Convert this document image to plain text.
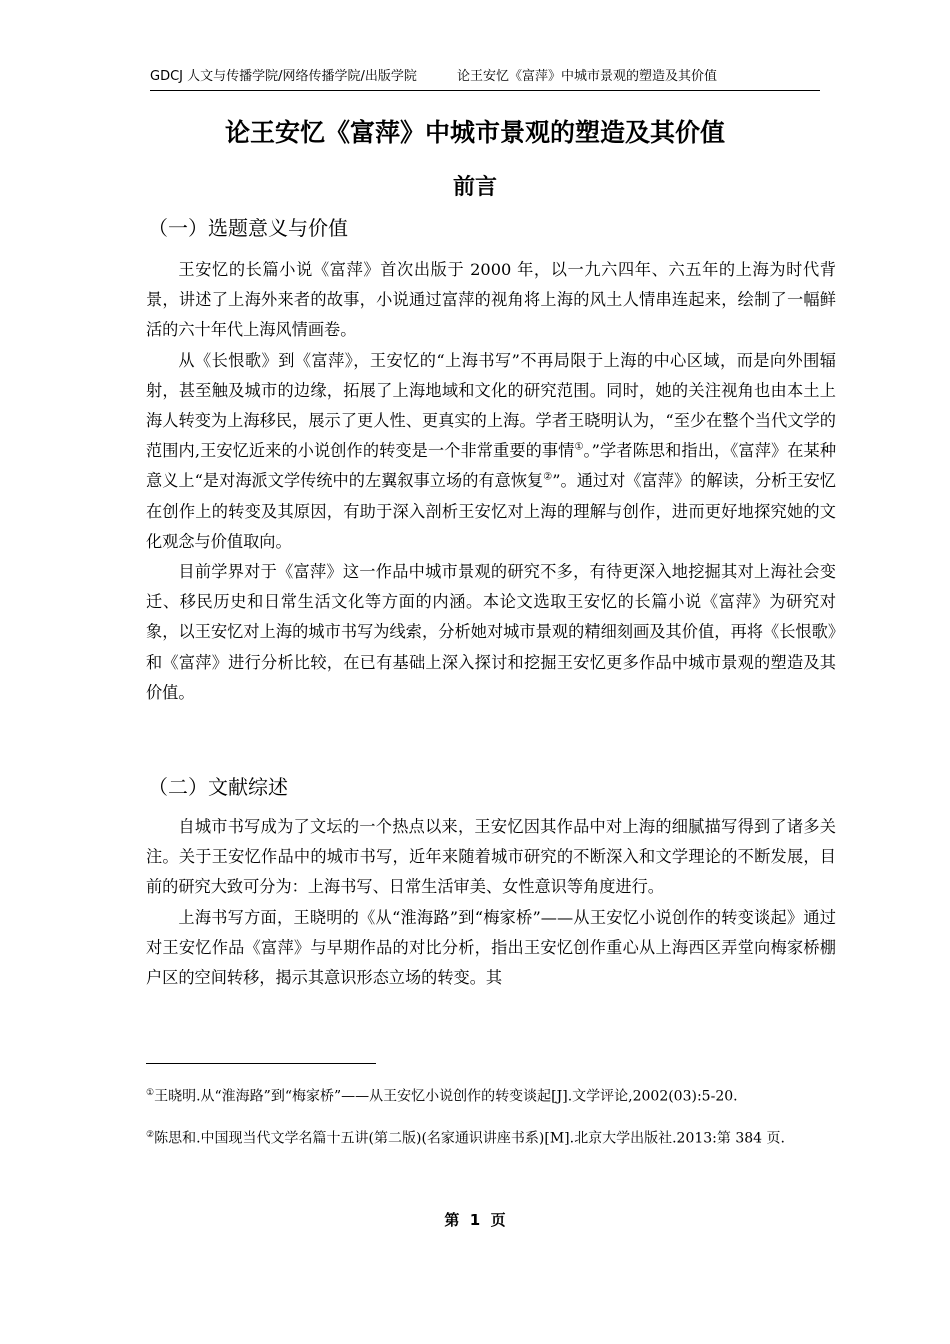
GDCJ 人文与传播学院/网络传播学院/出版学院	论王安忆《富萍》中城市景观的塑造及其价值
论王安忆《富萍》中城市景观的塑造及其价值
前言
（一）选题意义与价值

王安忆的长篇小说《富萍》首次出版于 2000 年，以一九六四年、六五年的上海为时代背景，讲述了上海外来者的故事，小说通过富萍的视角将上海的风土人情串连起来，绘制了一幅鲜活的六十年代上海风情画卷。

从《长恨歌》到《富萍》，王安忆的“上海书写”不再局限于上海的中心区域，而是向外围辐射，甚至触及城市的边缘，拓展了上海地域和文化的研究范围。同时，她的关注视角也由本土上海人转变为上海移民，展示了更人性、更真实的上海。学者王晓明认为，“至少在整个当代文学的范围内,王安忆近来的小说创作的转变是一个非常重要的事情①。”学者陈思和指出，《富萍》在某种意义上“是对海派文学传统中的左翼叙事立场的有意恢复②”。通过对《富萍》的解读，分析王安忆在创作上的转变及其原因，有助于深入剖析王安忆对上海的理解与创作，进而更好地探究她的文化观念与价值取向。

目前学界对于《富萍》这一作品中城市景观的研究不多，有待更深入地挖掘其对上海社会变迁、移民历史和日常生活文化等方面的内涵。本论文选取王安忆的长篇小说《富萍》为研究对象，以王安忆对上海的城市书写为线索，分析她对城市景观的精细刻画及其价值，再将《长恨歌》和《富萍》进行分析比较，在已有基础上深入探讨和挖掘王安忆更多作品中城市景观的塑造及其价值。

（二）文献综述

自城市书写成为了文坛的一个热点以来，王安忆因其作品中对上海的细腻描写得到了诸多关注。关于王安忆作品中的城市书写，近年来随着城市研究的不断深入和文学理论的不断发展，目前的研究大致可分为：上海书写、日常生活审美、女性意识等角度进行。

上海书写方面，王晓明的《从“淮海路”到“梅家桥”——从王安忆小说创作的转变谈起》通过对王安忆作品《富萍》与早期作品的对比分析，指出王安忆创作重心从上海西区弄堂向梅家桥棚户区的空间转移，揭示其意识形态立场的转变。其

①王晓明.从“淮海路”到“梅家桥”——从王安忆小说创作的转变谈起[J].文学评论,2002(03):5-20.

②陈思和.中国现当代文学名篇十五讲(第二版)(名家通识讲座书系)[M].北京大学出版社.2013:第 384 页.

第  1  页
